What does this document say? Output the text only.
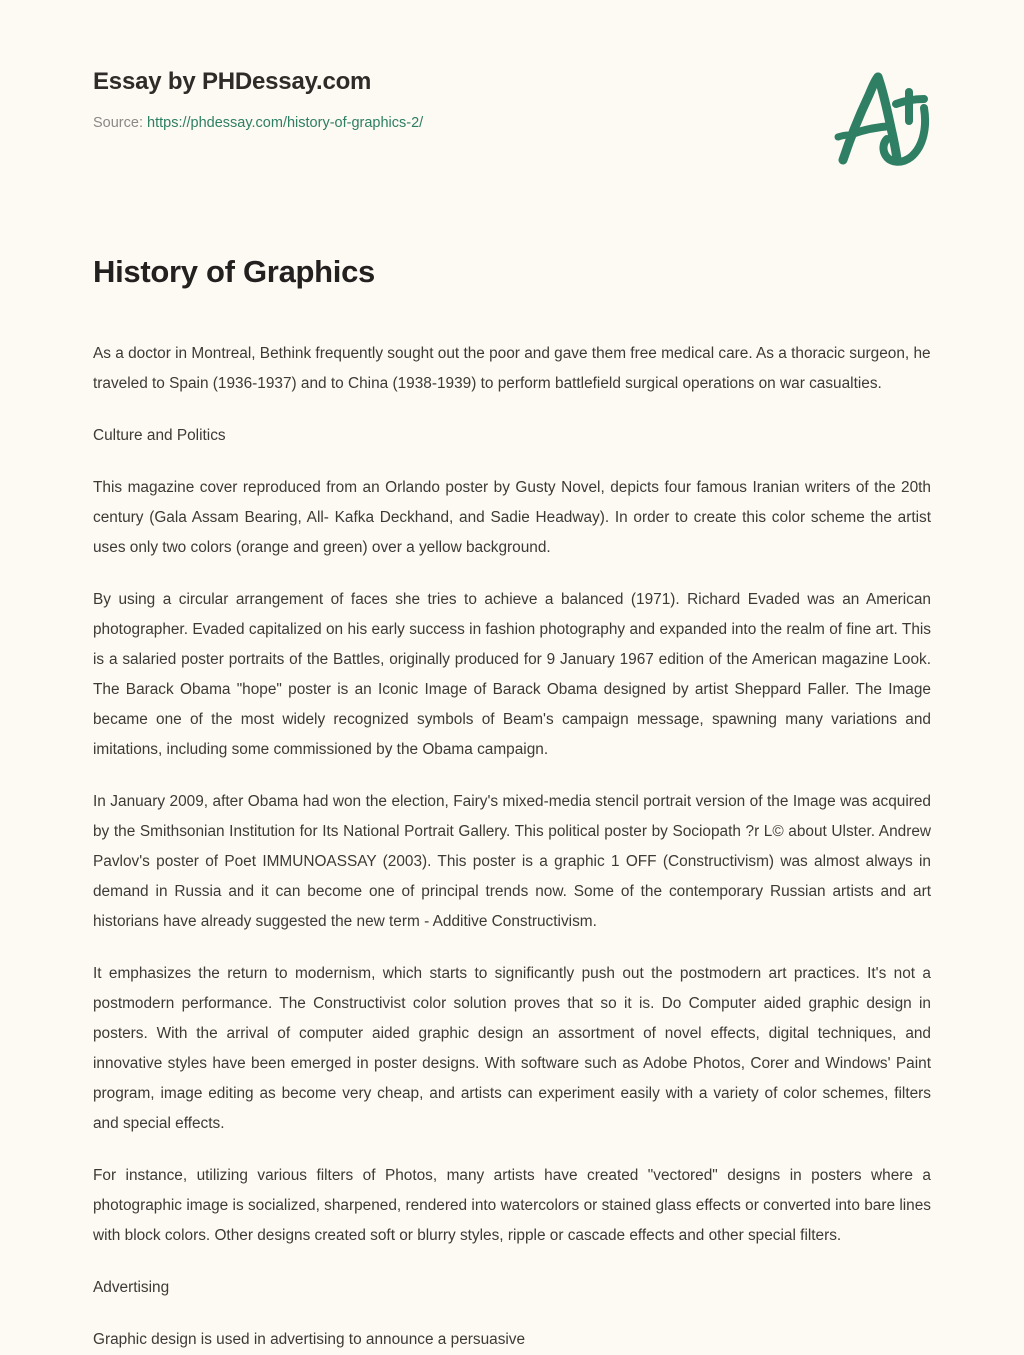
Essay by PHDessay.com
Source: https://phdessay.com/history-of-graphics-2/
History of Graphics

As a doctor in Montreal, Bethink frequently sought out the poor and gave them free medical care. As a thoracic surgeon, he traveled to Spain (1936-1937) and to China (1938-1939) to perform battlefield surgical operations on war casualties.

Culture and Politics

This magazine cover reproduced from an Orlando poster by Gusty Novel, depicts four famous Iranian writers of the 20th century (Gala Assam Bearing, All- Kafka Deckhand, and Sadie Headway). In order to create this color scheme the artist uses only two colors (orange and green) over a yellow background.

By using a circular arrangement of faces she tries to achieve a balanced (1971). Richard Evaded was an American photographer. Evaded capitalized on his early success in fashion photography and expanded into the realm of fine art. This is a salaried poster portraits of the Battles, originally produced for 9 January 1967 edition of the American magazine Look. The Barack Obama "hope" poster is an Iconic Image of Barack Obama designed by artist Sheppard Faller. The Image became one of the most widely recognized symbols of Beam's campaign message, spawning many variations and imitations, including some commissioned by the Obama campaign.

In January 2009, after Obama had won the election, Fairy's mixed-media stencil portrait version of the Image was acquired by the Smithsonian Institution for Its National Portrait Gallery. This political poster by Sociopath ?r L© about Ulster. Andrew Pavlov's poster of Poet IMMUNOASSAY (2003). This poster is a graphic 1 OFF (Constructivism) was almost always in demand in Russia and it can become one of principal trends now. Some of the contemporary Russian artists and art historians have already suggested the new term - Additive Constructivism.

It emphasizes the return to modernism, which starts to significantly push out the postmodern art practices. It's not a postmodern performance. The Constructivist color solution proves that so it is. Do Computer aided graphic design in posters. With the arrival of computer aided graphic design an assortment of novel effects, digital techniques, and innovative styles have been emerged in poster designs. With software such as Adobe Photos, Corer and Windows' Paint program, image editing as become very cheap, and artists can experiment easily with a variety of color schemes, filters and special effects.

For instance, utilizing various filters of Photos, many artists have created "vectored" designs in posters where a photographic image is socialized, sharpened, rendered into watercolors or stained glass effects or converted into bare lines with block colors. Other designs created soft or blurry styles, ripple or cascade effects and other special filters.

Advertising

Graphic design is used in advertising to announce a persuasive
